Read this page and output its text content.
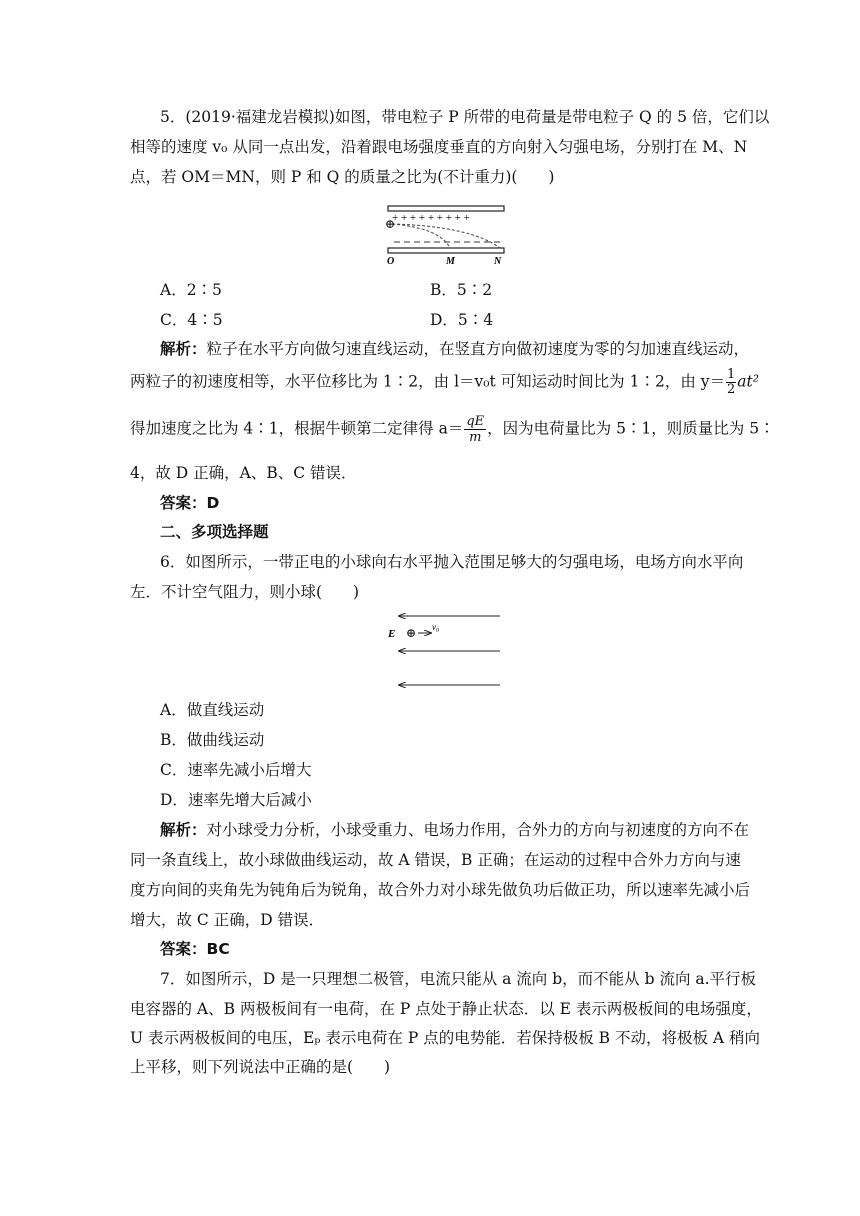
5．(2019·福建龙岩模拟)如图，带电粒子 P 所带的电荷量是带电粒子 Q 的 5 倍，它们以
相等的速度 v₀ 从同一点出发，沿着跟电场强度垂直的方向射入匀强电场，分别打在 M、N
点，若 OM＝MN，则 P 和 Q 的质量之比为(不计重力)(　　)
+ + + + + + + + +
⊕
O	M	N
A．2∶5	B．5∶2
C．4∶5	D．5∶4
解析：粒子在水平方向做匀速直线运动，在竖直方向做初速度为零的匀加速直线运动，
两粒子的初速度相等，水平位移比为 1∶2，由 l＝v₀t 可知运动时间比为 1∶2，由 $y= \frac{1}{2} at^2$
得加速度之比为 4∶1，根据牛顿第二定律得 $a= \frac{qE}{m}$ ，因为电荷量比为 5∶1，则质量比为 5∶
4，故 D 正确，A、B、C 错误．
答案：D
二、多项选择题
6．如图所示，一带正电的小球向右水平抛入范围足够大的匀强电场，电场方向水平向
左．不计空气阻力，则小球(　　)
E ⊕ v₀
A．做直线运动
B．做曲线运动
C．速率先减小后增大
D．速率先增大后减小
解析：对小球受力分析，小球受重力、电场力作用，合外力的方向与初速度的方向不在
同一条直线上，故小球做曲线运动，故 A 错误，B 正确；在运动的过程中合外力方向与速
度方向间的夹角先为钝角后为锐角，故合外力对小球先做负功后做正功，所以速率先减小后
增大，故 C 正确，D 错误．
答案：BC
7．如图所示，D 是一只理想二极管，电流只能从 a 流向 b，而不能从 b 流向 a.平行板
电容器的 A、B 两极板间有一电荷，在 P 点处于静止状态．以 E 表示两极板间的电场强度，
U 表示两极板间的电压，Eₚ 表示电荷在 P 点的电势能．若保持极板 B 不动，将极板 A 稍向
上平移，则下列说法中正确的是(　　)
